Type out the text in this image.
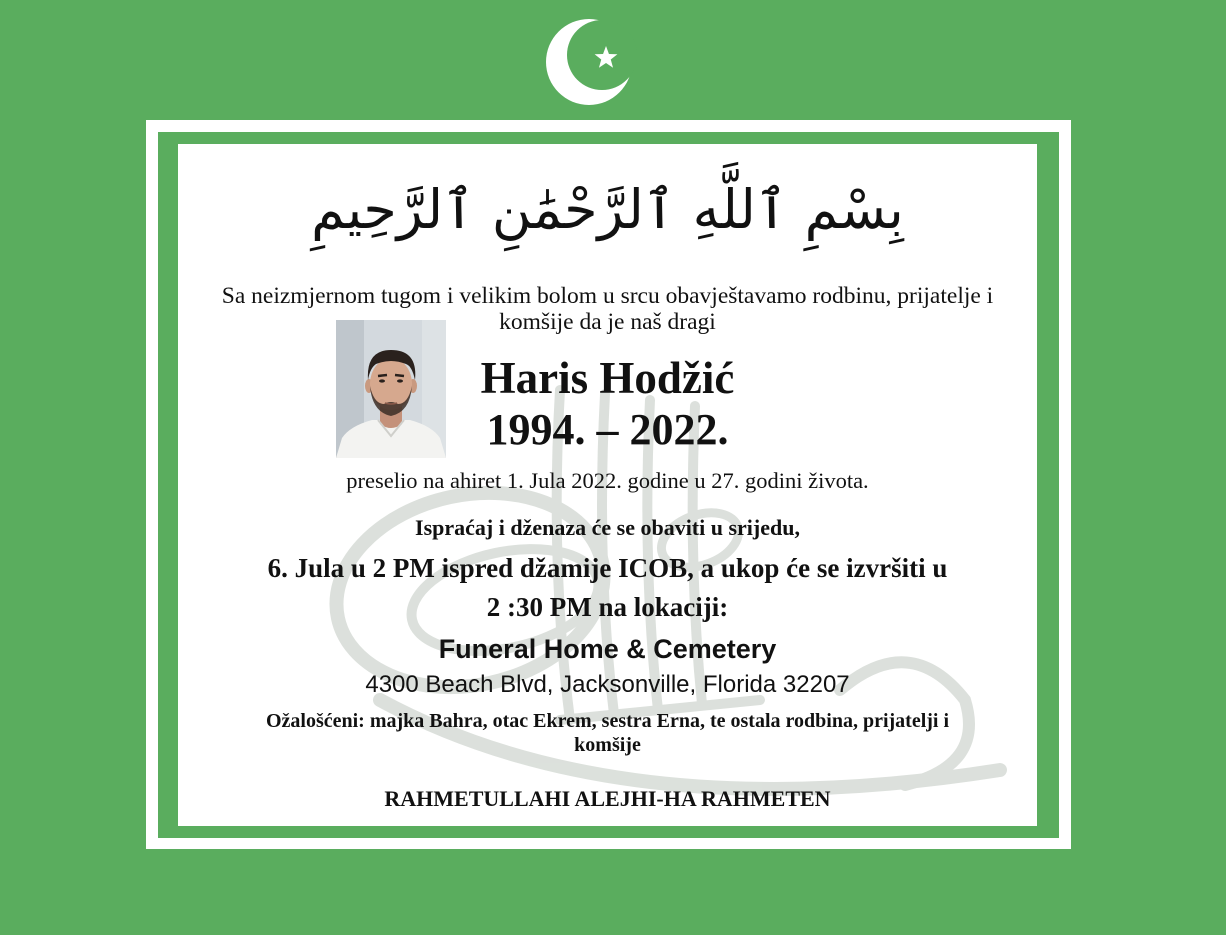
بِسْمِ ٱللَّهِ ٱلرَّحْمَٰنِ ٱلرَّحِيمِ
Sa neizmjernom tugom i velikim bolom u srcu obavještavamo rodbinu, prijatelje i
komšije da je naš dragi
Haris Hodžić
1994. – 2022.
preselio na ahiret 1. Jula 2022. godine u 27. godini života.
Ispraćaj i dženaza će se obaviti u srijedu,
6. Jula u 2 PM ispred džamije ICOB, a ukop će se izvršiti u
2 :30 PM na lokaciji:
Funeral Home & Cemetery
4300 Beach Blvd, Jacksonville, Florida 32207
Ožalošćeni: majka Bahra, otac Ekrem, sestra Erna, te ostala rodbina, prijatelji i
komšije
RAHMETULLAHI ALEJHI-HA RAHMETEN
